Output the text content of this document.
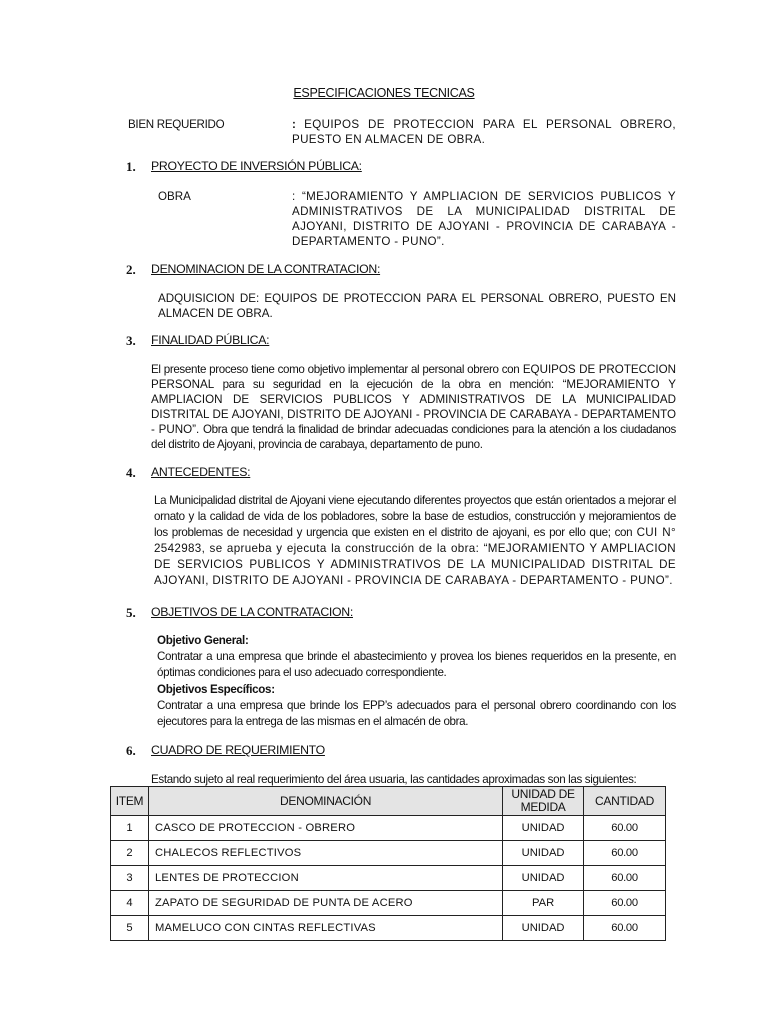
ESPECIFICACIONES TECNICAS
BIEN REQUERIDO	: EQUIPOS DE PROTECCION PARA EL PERSONAL OBRERO, PUESTO EN ALMACEN DE OBRA.
1. PROYECTO DE INVERSIÓN PÚBLICA:
OBRA	: “MEJORAMIENTO Y AMPLIACION DE SERVICIOS PUBLICOS Y ADMINISTRATIVOS DE LA MUNICIPALIDAD DISTRITAL DE AJOYANI, DISTRITO DE AJOYANI - PROVINCIA DE CARABAYA - DEPARTAMENTO - PUNO”.
2. DENOMINACION DE LA CONTRATACION:
ADQUISICION DE: EQUIPOS DE PROTECCION PARA EL PERSONAL OBRERO, PUESTO EN ALMACEN DE OBRA.
3. FINALIDAD PÚBLICA:
El presente proceso tiene como objetivo implementar al personal obrero con EQUIPOS DE PROTECCION PERSONAL para su seguridad en la ejecución de la obra en mención: “MEJORAMIENTO Y AMPLIACION DE SERVICIOS PUBLICOS Y ADMINISTRATIVOS DE LA MUNICIPALIDAD DISTRITAL DE AJOYANI, DISTRITO DE AJOYANI - PROVINCIA DE CARABAYA - DEPARTAMENTO - PUNO”. Obra que tendrá la finalidad de brindar adecuadas condiciones para la atención a los ciudadanos del distrito de Ajoyani, provincia de carabaya, departamento de puno.
4. ANTECEDENTES:
La Municipalidad distrital de Ajoyani viene ejecutando diferentes proyectos que están orientados a mejorar el ornato y la calidad de vida de los pobladores, sobre la base de estudios, construcción y mejoramientos de los problemas de necesidad y urgencia que existen en el distrito de ajoyani, es por ello que; con CUI N° 2542983, se aprueba y ejecuta la construcción de la obra: “MEJORAMIENTO Y AMPLIACION DE SERVICIOS PUBLICOS Y ADMINISTRATIVOS DE LA MUNICIPALIDAD DISTRITAL DE AJOYANI, DISTRITO DE AJOYANI - PROVINCIA DE CARABAYA - DEPARTAMENTO - PUNO”.
5. OBJETIVOS DE LA CONTRATACION:
Objetivo General:
Contratar a una empresa que brinde el abastecimiento y provea los bienes requeridos en la presente, en óptimas condiciones para el uso adecuado correspondiente.
Objetivos Específicos:
Contratar a una empresa que brinde los EPP’s adecuados para el personal obrero coordinando con los ejecutores para la entrega de las mismas en el almacén de obra.
6. CUADRO DE REQUERIMIENTO
Estando sujeto al real requerimiento del área usuaria, las cantidades aproximadas son las siguientes:
ITEM	DENOMINACIÓN	UNIDAD DE MEDIDA	CANTIDAD
1	CASCO DE PROTECCION - OBRERO	UNIDAD	60.00
2	CHALECOS REFLECTIVOS	UNIDAD	60.00
3	LENTES DE PROTECCION	UNIDAD	60.00
4	ZAPATO DE SEGURIDAD DE PUNTA DE ACERO	PAR	60.00
5	MAMELUCO CON CINTAS REFLECTIVAS	UNIDAD	60.00
